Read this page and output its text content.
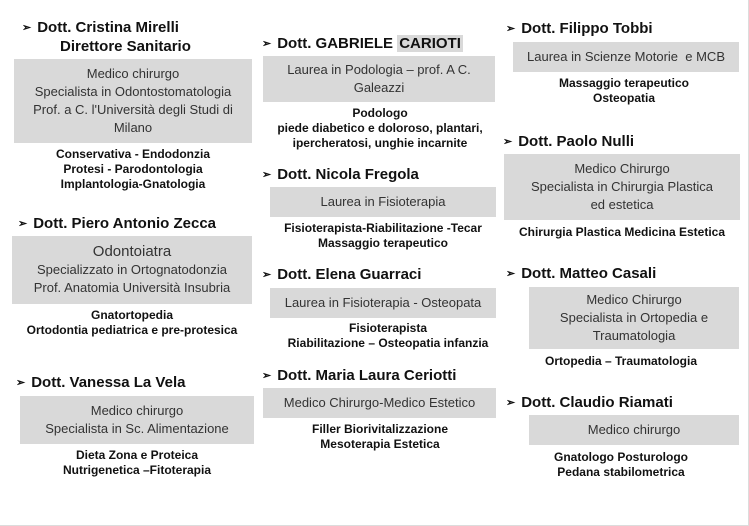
➢ Dott. Cristina Mirelli
Direttore Sanitario
Medico chirurgo
Specialista in Odontostomatologia
Prof. a C. l'Università degli Studi di
Milano
Conservativa - Endodonzia
Protesi - Parodontologia
Implantologia-Gnatologia
➢ Dott. Piero Antonio Zecca
Odontoiatra
Specializzato in Ortognatodonzia
Prof. Anatomia Università Insubria
Gnatortopedia
Ortodontia pediatrica e pre-protesica
➢ Dott. Vanessa La Vela
Medico chirurgo
Specialista in Sc. Alimentazione
Dieta Zona e Proteica
Nutrigenetica –Fitoterapia
➢ Dott. GABRIELE CARIOTI
Laurea in Podologia – prof. A C.
Galeazzi
Podologo
piede diabetico e doloroso, plantari,
ipercheratosi, unghie incarnite
➢ Dott. Nicola Fregola
Laurea in Fisioterapia
Fisioterapista-Riabilitazione -Tecar
Massaggio terapeutico
➢ Dott. Elena Guarraci
Laurea in Fisioterapia - Osteopata
Fisioterapista
Riabilitazione – Osteopatia infanzia
➢ Dott. Maria Laura Ceriotti
Medico Chirurgo-Medico Estetico
Filler Biorivitalizzazione
Mesoterapia Estetica
➢ Dott. Filippo Tobbi
Laurea in Scienze Motorie  e MCB
Massaggio terapeutico
Osteopatia
➢ Dott. Paolo Nulli
Medico Chirurgo
Specialista in Chirurgia Plastica
ed estetica
Chirurgia Plastica Medicina Estetica
➢ Dott. Matteo Casali
Medico Chirurgo
Specialista in Ortopedia e
Traumatologia
Ortopedia – Traumatologia
➢ Dott. Claudio Riamati
Medico chirurgo
Gnatologo Posturologo
Pedana stabilometrica
